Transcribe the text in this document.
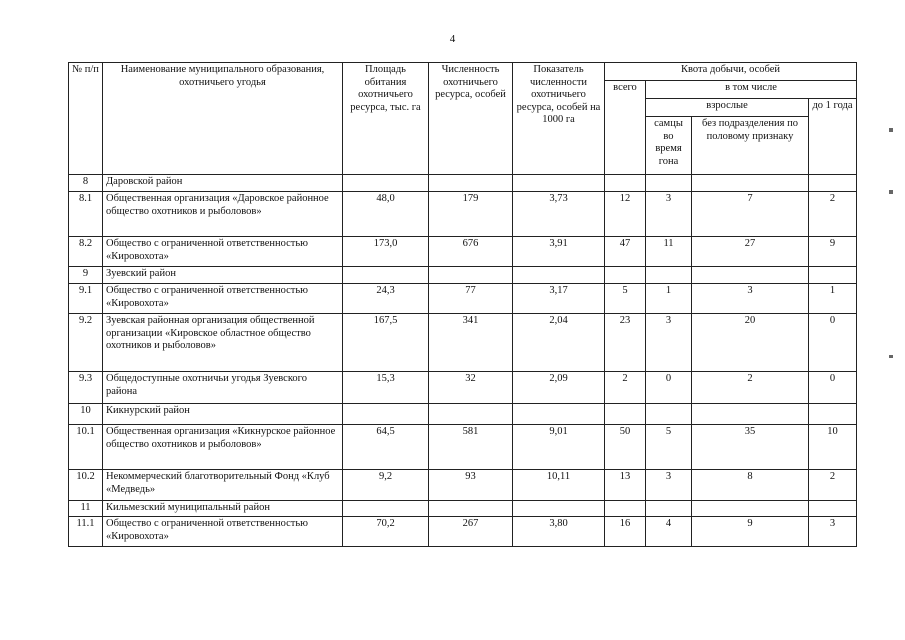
4
№ п/п	Наименование муниципального образования, охотничьего угодья	Площадь обитания охотничьего ресурса, тыс. га	Численность охотничьего ресурса, особей	Показатель численности охотничьего ресурса, особей на 1000 га	Квота добычи, особей			
					всего	в том числе		
						взрослые		до 1 года
						самцы во время гона	без подразделения по половому признаку	
8	Даровской район							
8.1	Общественная организация «Даровское районное общество охотников и рыболовов»	48,0	179	3,73	12	3	7	2
8.2	Общество с ограниченной ответственностью «Кировохота»	173,0	676	3,91	47	11	27	9
9	Зуевский район							
9.1	Общество с ограниченной ответственностью «Кировохота»	24,3	77	3,17	5	1	3	1
9.2	Зуевская районная организация общественной организации «Кировское областное общество охотников и рыболовов»	167,5	341	2,04	23	3	20	0
9.3	Общедоступные охотничьи угодья Зуевского района	15,3	32	2,09	2	0	2	0
10	Кикнурский район							
10.1	Общественная организация «Кикнурское районное общество охотников и рыболовов»	64,5	581	9,01	50	5	35	10
10.2	Некоммерческий благотворительный Фонд «Клуб «Медведь»	9,2	93	10,11	13	3	8	2
11	Кильмезский муниципальный район							
11.1	Общество с ограниченной ответственностью «Кировохота»	70,2	267	3,80	16	4	9	3
